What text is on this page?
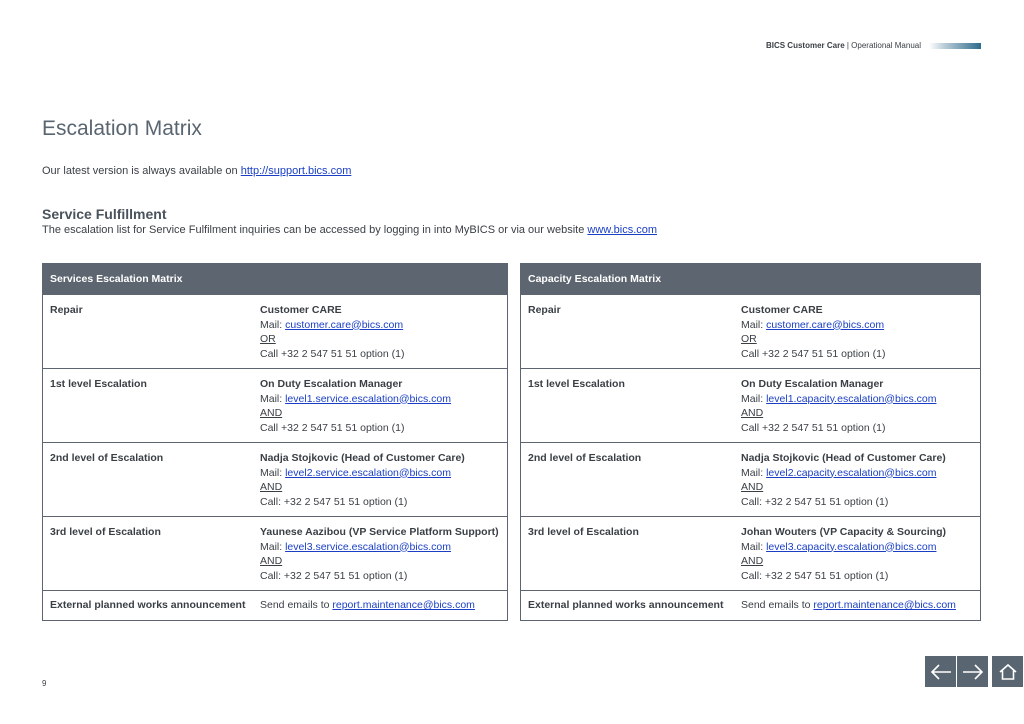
BICS Customer Care | Operational Manual
Escalation Matrix
Our latest version is always available on http://support.bics.com
Service Fulfillment
The escalation list for Service Fulfilment inquiries can be accessed by logging in into MyBICS or via our website www.bics.com
Services Escalation Matrix	
Repair	Customer CARE
Mail: customer.care@bics.com
OR
Call +32 2 547 51 51 option (1)

1st level Escalation	On Duty Escalation Manager
Mail: level1.service.escalation@bics.com
AND
Call +32 2 547 51 51 option (1)

2nd level of Escalation	Nadja Stojkovic (Head of Customer Care)
Mail: level2.service.escalation@bics.com
AND
Call: +32 2 547 51 51 option (1)

3rd level of Escalation	Yaunese Aazibou (VP Service Platform Support)
Mail: level3.service.escalation@bics.com
AND
Call: +32 2 547 51 51 option (1)

External planned works announcement	Send emails to report.maintenance@bics.com
Capacity Escalation Matrix	
Repair	Customer CARE
Mail: customer.care@bics.com
OR
Call +32 2 547 51 51 option (1)

1st level Escalation	On Duty Escalation Manager
Mail: level1.capacity.escalation@bics.com
AND
Call +32 2 547 51 51 option (1)

2nd level of Escalation	Nadja Stojkovic (Head of Customer Care)
Mail: level2.capacity.escalation@bics.com
AND
Call: +32 2 547 51 51 option (1)

3rd level of Escalation	Johan Wouters (VP Capacity & Sourcing)
Mail: level3.capacity.escalation@bics.com
AND
Call: +32 2 547 51 51 option (1)

External planned works announcement	Send emails to report.maintenance@bics.com
9
